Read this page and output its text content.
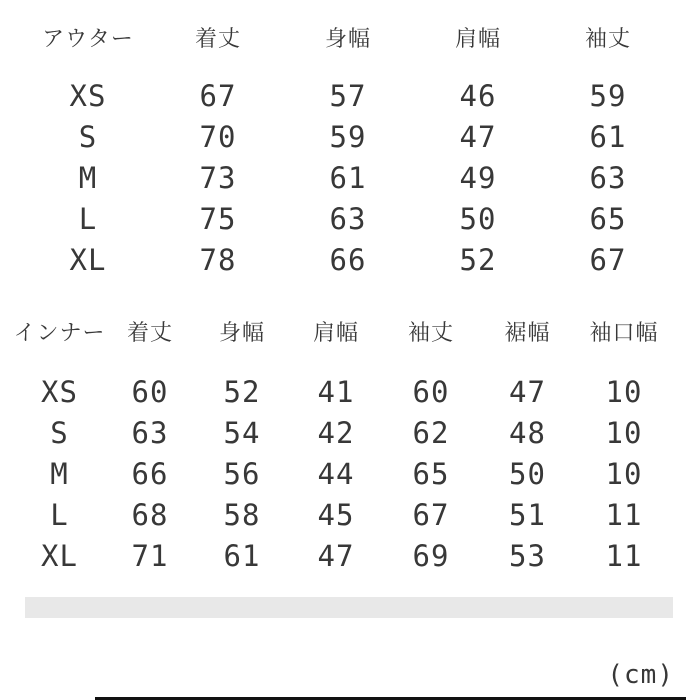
アウター	着丈	身幅	肩幅	袖丈
XS	67	57	46	59
S	70	59	47	61
M	73	61	49	63
L	75	63	50	65
XL	78	66	52	67
インナー 着丈 身幅 肩幅 袖丈 裾幅 袖口幅
XS 60 52 41 60 47 10
S 63 54 42 62 48 10
M 66 56 44 65 50 10
L 68 58 45 67 51 11
XL 71 61 47 69 53 11
(cm)
